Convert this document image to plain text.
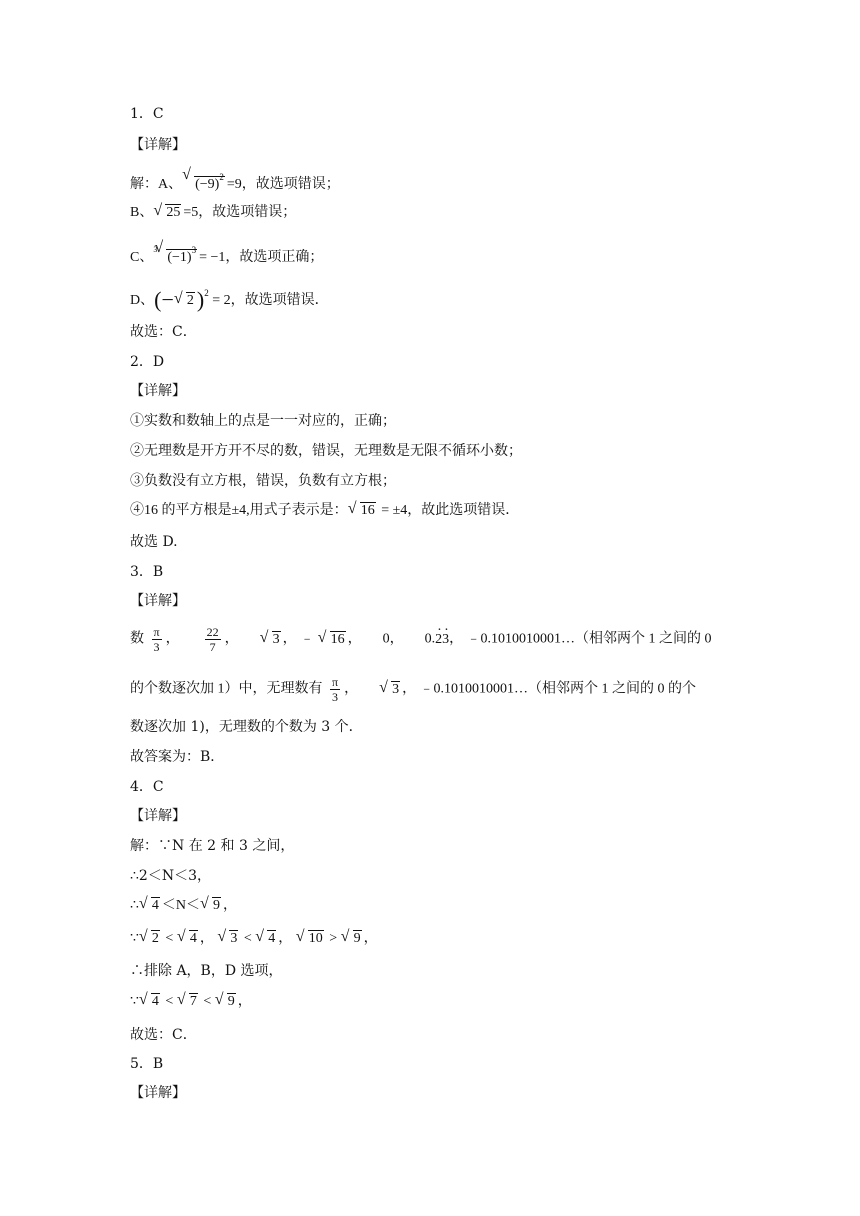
1．C
【详解】
解：A、 √ $(-9)^2 =9$，故选项错误；
B、 √ 25 =5，故选项错误；
C、$^3$√ $(-1)^3 = -1$，故选项正确；
D、(− √ 2 )$^2$ = 2，故选项错误．
故选：C．
2．D
【详解】
①实数和数轴上的点是一一对应的，正确；
②无理数是开方开不尽的数，错误，无理数是无限不循环小数；
③负数没有立方根，错误，负数有立方根；
④16 的平方根是±4,用式子表示是： √ 16 = ±4，故此选项错误．
故选 D.
3．B
【详解】
数 $\frac{\pi}{3}$ ， $\frac{22}{7}$ ，  √ 3 ， ﹣ √ 16 ，  0，  0.2 ·3 ·， ﹣0.1010010001…（相邻两个 1 之间的 0
的个数逐次加 1）中，无理数有 $\frac{\pi}{3}$ ，  √ 3 ， ﹣0.1010010001…（相邻两个 1 之间的 0 的个
数逐次加 1)，无理数的个数为 3 个．
故答案为：B．
4．C
【详解】
解：∵N 在 2 和 3 之间，
∴2＜N＜3，
∴ √ 4 ＜N＜ √ 9 ，
∵ √ 2 < √ 4 ， √ 3 < √ 4 ， √ 10 > √ 9 ，
∴排除 A，B，D 选项，
∵ √ 4 < √ 7 < √ 9 ，
故选：C．
5．B
【详解】
